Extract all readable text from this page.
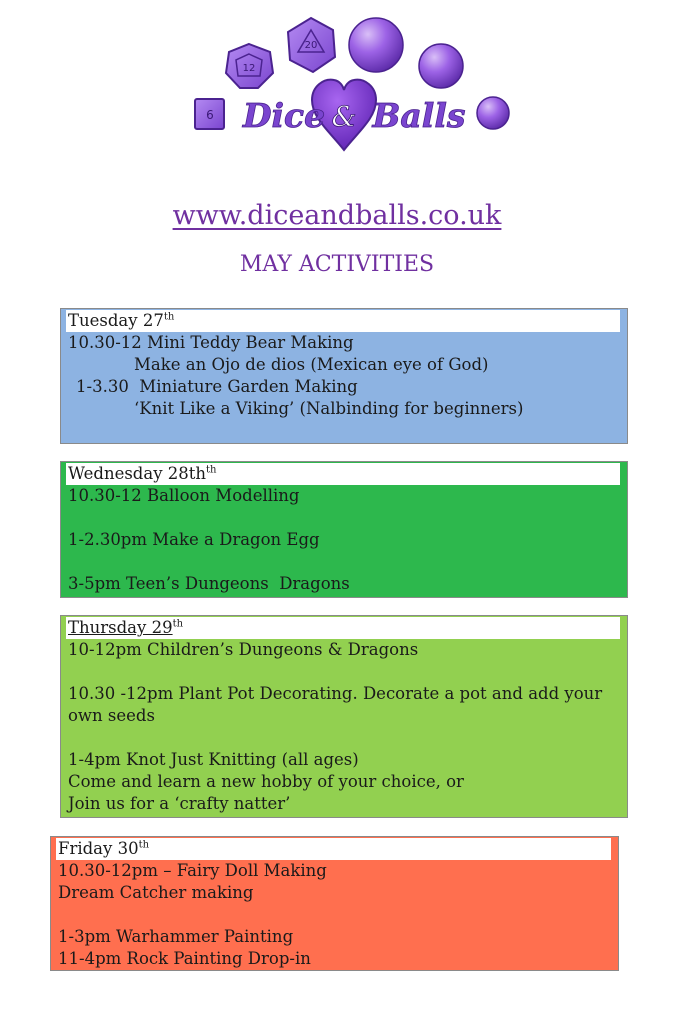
12
20
6 Dice & Balls
www.diceandballs.co.uk
MAY ACTIVITIES
Tuesday 27th
10.30-12 Mini Teddy Bear Making
Make an Ojo de dios (Mexican eye of God)
1-3.30  Miniature Garden Making
‘Knit Like a Viking’ (Nalbinding for beginners)
Wednesday $28th^{th}$
10.30-12 Balloon Modelling
1-2.30pm Make a Dragon Egg
3-5pm Teen’s Dungeons  Dragons
Thursday 29th
10-12pm Children’s Dungeons & Dragons
10.30 -12pm Plant Pot Decorating. Decorate a pot and add your own seeds
1-4pm Knot Just Knitting (all ages)
Come and learn a new hobby of your choice, or
Join us for a ‘crafty natter’
Friday 30th
10.30-12pm – Fairy Doll Making
Dream Catcher making
1-3pm Warhammer Painting
11-4pm Rock Painting Drop-in
